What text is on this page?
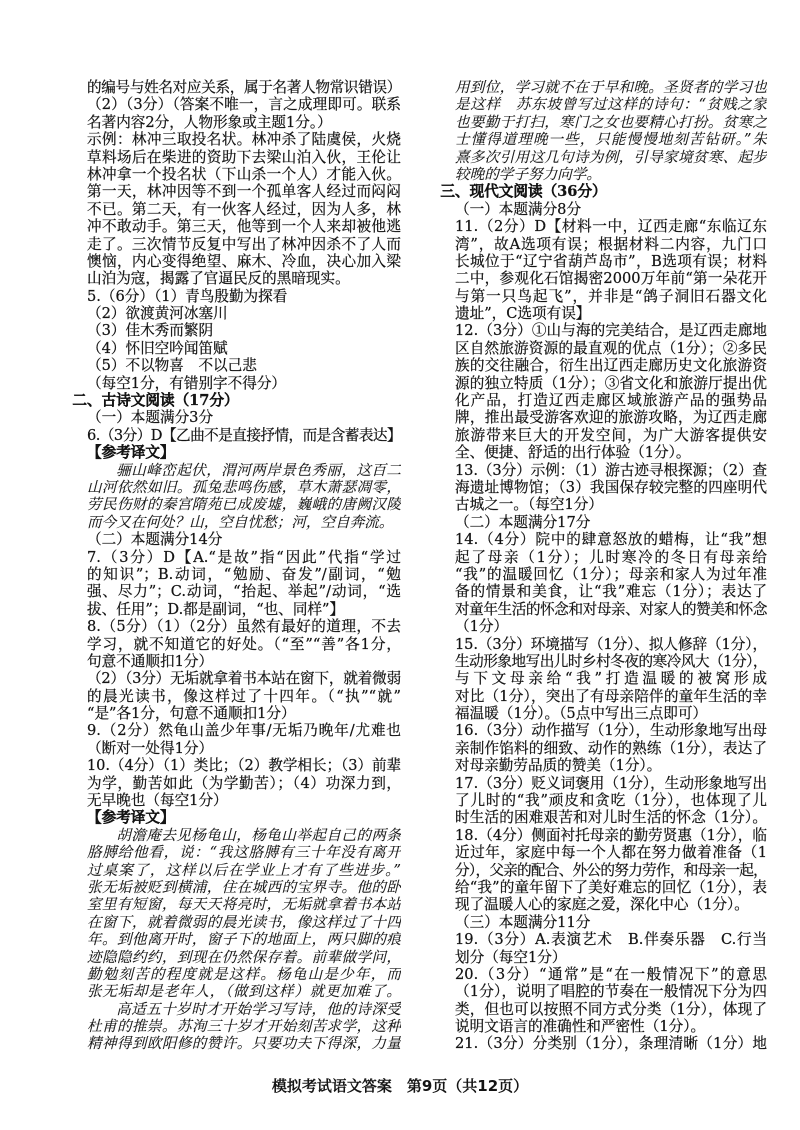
的编号与姓名对应关系，属于名著人物常识错误）
（2）（3分）（答案不唯一，言之成理即可。联系
名著内容2分，人物形象或主题1分。）
示例：林冲三取投名状。林冲杀了陆虞侯，火烧
草料场后在柴进的资助下去梁山泊入伙，王伦让
林冲拿一个投名状（下山杀一个人）才能入伙。
第一天，林冲因等不到一个孤单客人经过而闷闷
不已。第二天，有一伙客人经过，因为人多，林
冲不敢动手。第三天，他等到一个人来却被他逃
走了。三次情节反复中写出了林冲因杀不了人而
懊恼，内心变得绝望、麻木、冷血，决心加入梁
山泊为寇，揭露了官逼民反的黑暗现实。
5.（6分）（1）青鸟殷勤为探看
（2）欲渡黄河冰塞川
（3）佳木秀而繁阴
（4）怀旧空吟闻笛赋
（5）不以物喜　不以己悲
（每空1分，有错别字不得分）
二、古诗文阅读（17分）
（一）本题满分3分
6.（3分）D【乙曲不是直接抒情，而是含蓄表达】
【参考译文】
骊山峰峦起伏，渭河两岸景色秀丽，这百二
山河依然如旧。孤兔悲鸣伤感，草木萧瑟凋零，
劳民伤财的秦宫隋苑已成废墟，巍峨的唐阙汉陵
而今又在何处？山，空自忧愁；河，空自奔流。
（二）本题满分14分
7.（3分）D【A.“是故”指“因此”代指“学过
的知识”；B.动词，“勉励、奋发”/副词，“勉
强、尽力”；C.动词，“抬起、举起”/动词，“选
拔、任用”；D.都是副词，“也、同样”】
8.（5分）（1）（2分）虽然有最好的道理，不去
学习，就不知道它的好处。（“至”“善”各1分，
句意不通顺扣1分）
（2）（3分）无垢就拿着书本站在窗下，就着微弱
的晨光读书，像这样过了十四年。（“执”“就”
“是”各1分，句意不通顺扣1分）
9.（2分）然龟山盖少年事/无垢乃晚年/尤难也
（断对一处得1分）
10.（4分）（1）类比；（2）教学相长；（3）前辈
为学，勤苦如此（为学勤苦）；（4）功深力到，
无早晚也（每空1分）
【参考译文】
胡澹庵去见杨龟山，杨龟山举起自己的两条
胳膊给他看，说：“我这胳膊有三十年没有离开
过桌案了，这样以后在学业上才有了些进步。”
张无垢被贬到横浦，住在城西的宝界寺。他的卧
室里有短窗，每天天将亮时，无垢就拿着书本站
在窗下，就着微弱的晨光读书，像这样过了十四
年。到他离开时，窗子下的地面上，两只脚的痕
迹隐隐约约，到现在仍然保存着。前辈做学问，
勤勉刻苦的程度就是这样。杨龟山是少年，而
张无垢却是老年人，（做到这样）就更加难了。
高适五十岁时才开始学习写诗，他的诗深受
杜甫的推崇。苏洵三十岁才开始刻苦求学，这种
精神得到欧阳修的赞许。只要功夫下得深，力量
用到位，学习就不在于早和晚。圣贤者的学习也
是这样　苏东坡曾写过这样的诗句：“贫贱之家
也要勤于打扫，寒门之女也要精心打扮。贫寒之
士懂得道理晚一些，只能慢慢地刻苦钻研。”朱
熹多次引用这几句诗为例，引导家境贫寒、起步
较晚的学子努力向学。
三、现代文阅读（36分）
（一）本题满分8分
11.（2分）D【材料一中，辽西走廊“东临辽东
湾”，故A选项有误；根据材料二内容，九门口
长城位于“辽宁省葫芦岛市”，B选项有误；材料
二中，参观化石馆揭密2000万年前“第一朵花开
与第一只鸟起飞”，并非是“鸽子洞旧石器文化
遗址”，C选项有误】
12.（3分）①山与海的完美结合，是辽西走廊地
区自然旅游资源的最直观的优点（1分）；②多民
族的交往融合，衍生出辽西走廊历史文化旅游资
源的独立特质（1分）；③省文化和旅游厅提出优
化产品，打造辽西走廊区域旅游产品的强势品
牌，推出最受游客欢迎的旅游攻略，为辽西走廊
旅游带来巨大的开发空间，为广大游客提供安
全、便捷、舒适的出行体验（1分）。
13.（3分）示例：（1）游古迹寻根探源；（2）查
海遗址博物馆；（3）我国保存较完整的四座明代
古城之一。（每空1分）
（二）本题满分17分
14.（4分）院中的肆意怒放的蜡梅，让“我”想
起了母亲（1分）；儿时寒冷的冬日有母亲给
“我”的温暖回忆（1分）；母亲和家人为过年准
备的情景和美食，让“我”难忘（1分）；表达了
对童年生活的怀念和对母亲、对家人的赞美和怀念
（1分）
15.（3分）环境描写（1分）、拟人修辞（1分），
生动形象地写出儿时乡村冬夜的寒冷风大（1分），
与下文母亲给“我”打造温暖的被窝形成
对比（1分），突出了有母亲陪伴的童年生活的幸
福温暖（1分）。（5点中写出三点即可）
16.（3分）动作描写（1分），生动形象地写出母
亲制作馅料的细致、动作的熟练（1分），表达了
对母亲勤劳品质的赞美（1分）。
17.（3分）贬义词褒用（1分），生动形象地写出
了儿时的“我”顽皮和贪吃（1分），也体现了儿
时生活的困难艰苦和对儿时生活的怀念（1分）。
18.（4分）侧面衬托母亲的勤劳贤惠（1分），临
近过年，家庭中每一个人都在努力做着准备（1
分），父亲的配合、外公的努力劳作，和母亲一起，
给“我”的童年留下了美好难忘的回忆（1分），表
现了温暖人心的家庭之爱，深化中心（1分）。
（三）本题满分11分
19.（3分）A.表演艺术　B.伴奏乐器　C.行当
划分（每空1分）
20.（3分）“通常”是“在一般情况下”的意思
（1分），说明了唱腔的节奏在一般情况下分为四
类，但也可以按照不同方式分类（1分），体现了
说明文语言的准确性和严密性（1分）。
21.（3分）分类别（1分），条理清晰（1分）地
模拟考试语文答案　第9页（共12页）
